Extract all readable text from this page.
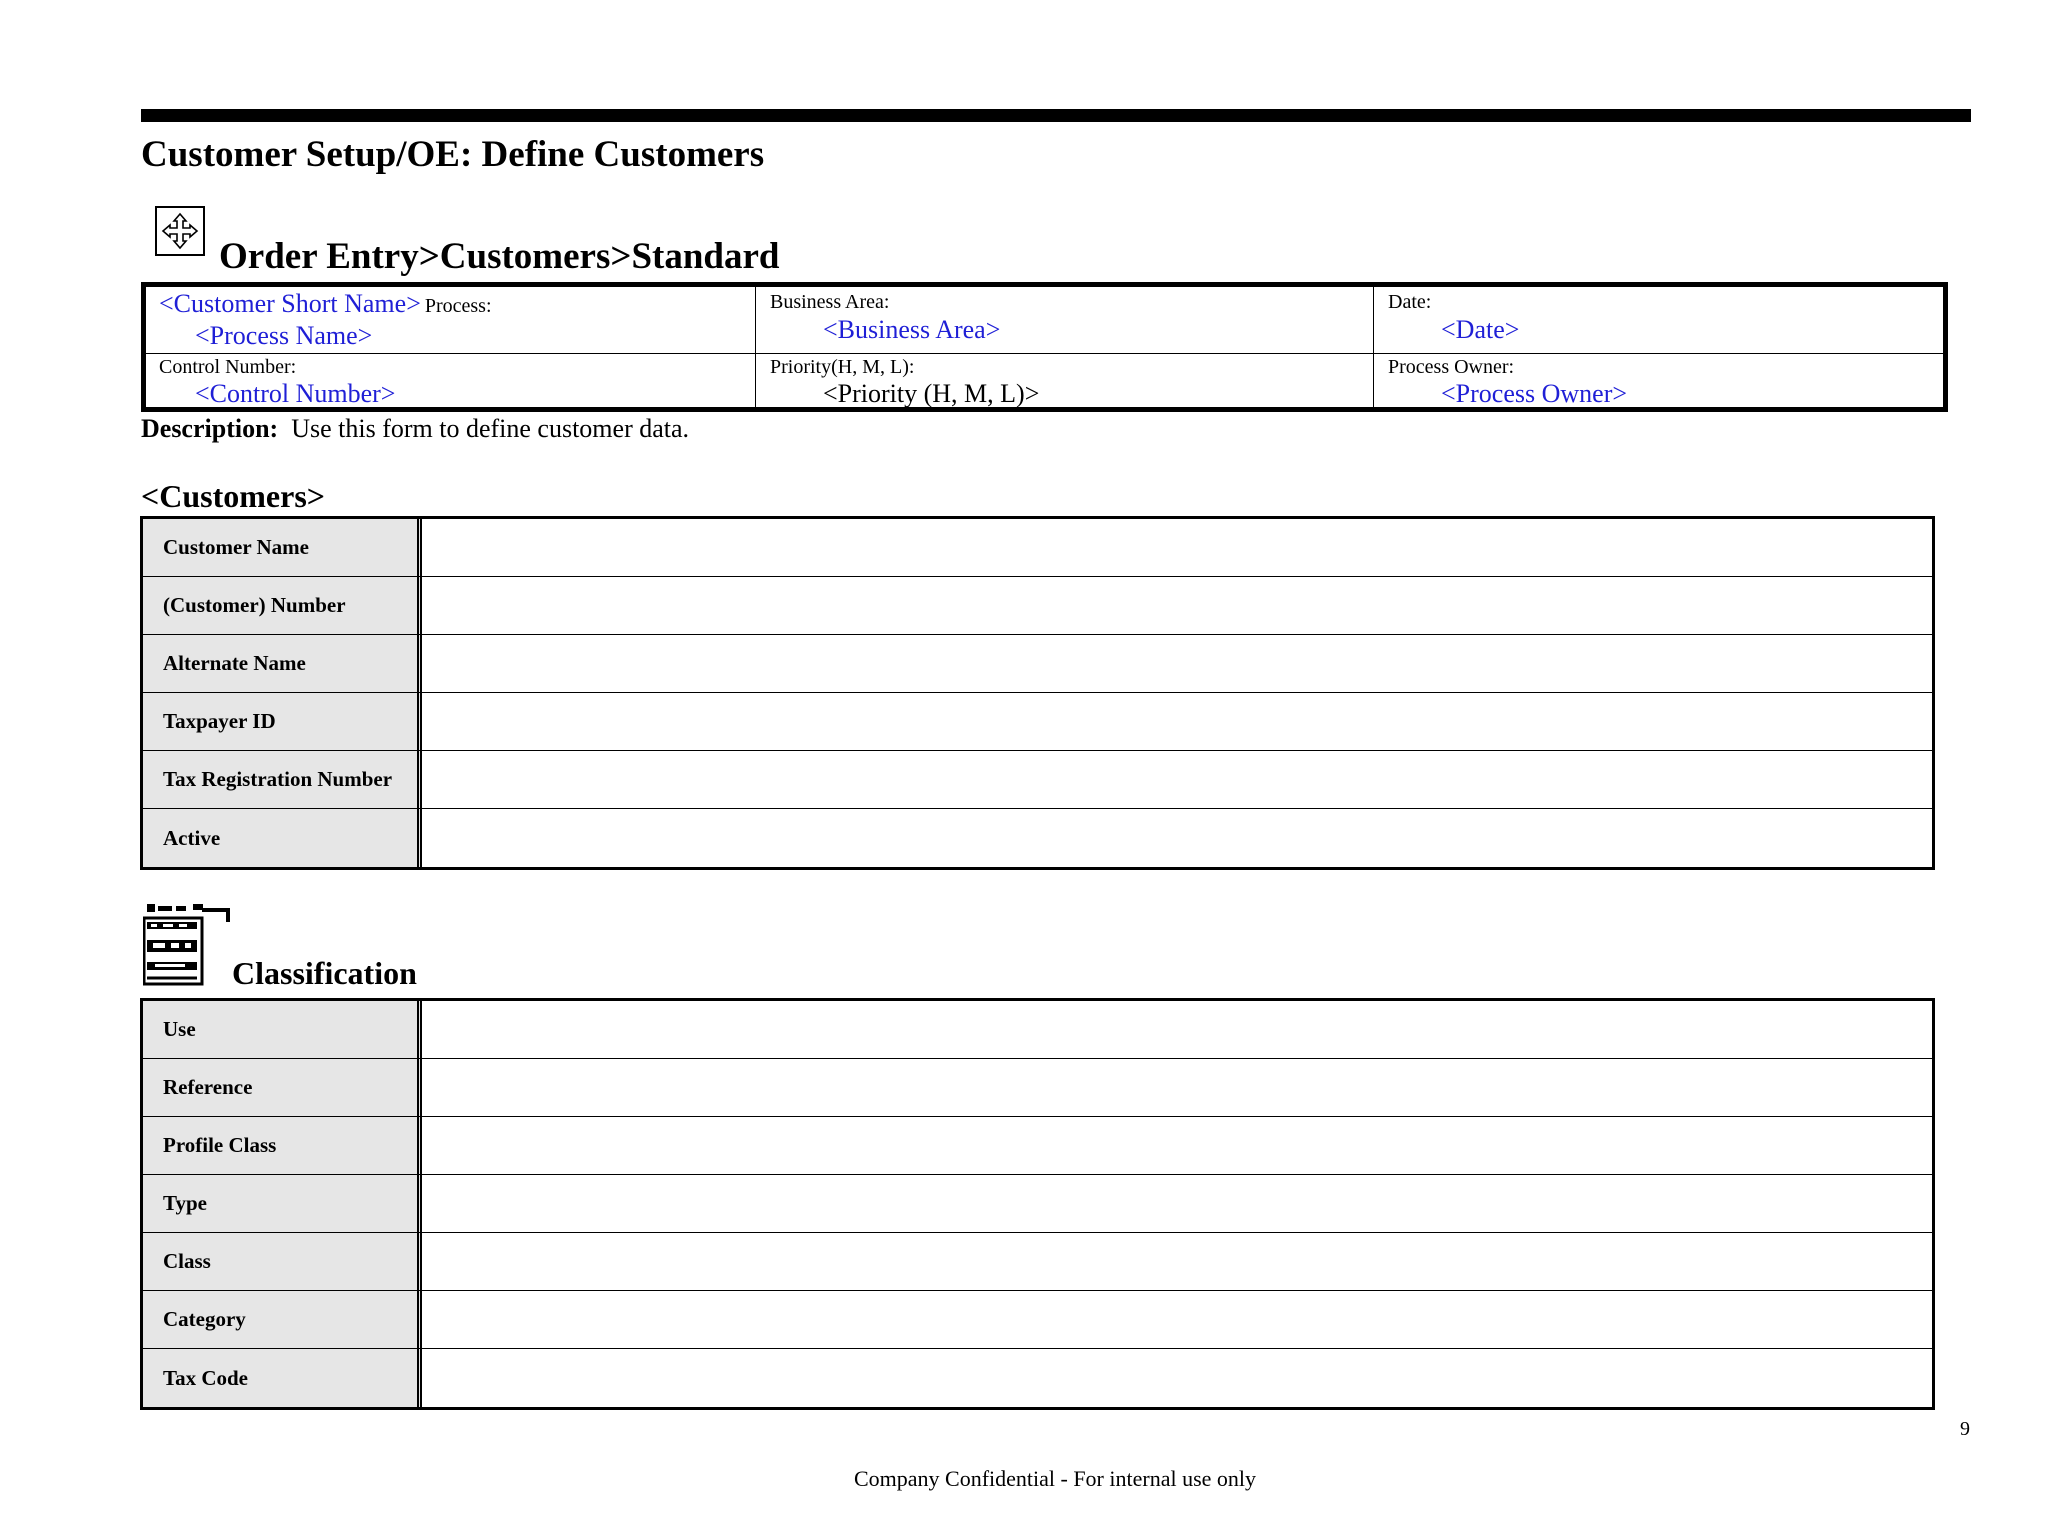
Customer Setup/OE: Define Customers
Order Entry>Customers>Standard
<Customer Short Name> Process:
<Process Name>
Business Area:
<Business Area>
Date:
<Date>
Control Number:
<Control Number>
Priority(H, M, L):
<Priority (H, M, L)>
Process Owner:
<Process Owner>
Description: Use this form to define customer data.
<Customers>
Customer Name
(Customer) Number
Alternate Name
Taxpayer ID
Tax Registration Number
Active
Classification
Use
Reference
Profile Class
Type
Class
Category
Tax Code
9
Company Confidential - For internal use only
